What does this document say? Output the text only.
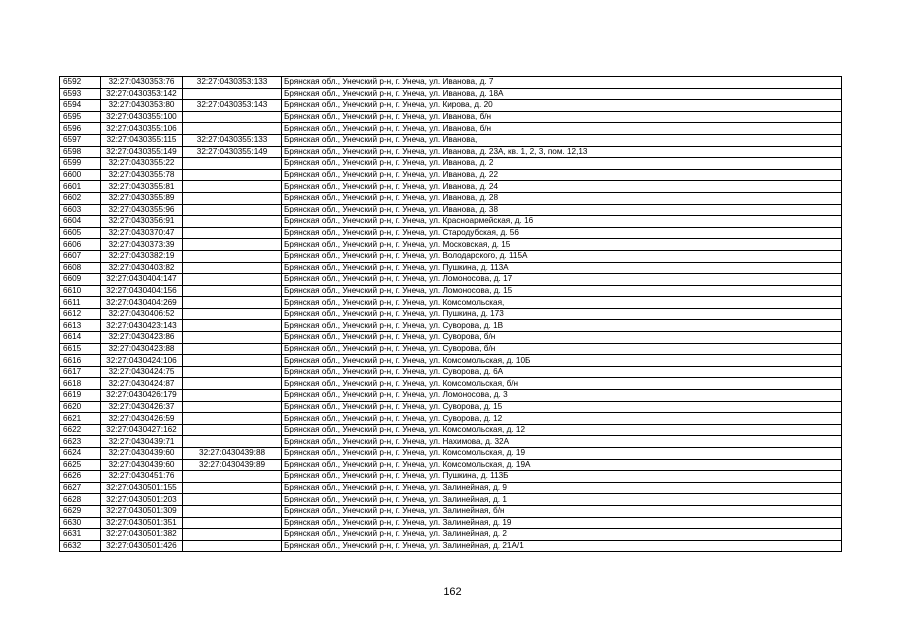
6592	32:27:0430353:76	32:27:0430353:133	Брянская обл., Унечский р-н, г. Унеча, ул. Иванова, д. 7
6593	32:27:0430353:142		Брянская обл., Унечский р-н, г. Унеча, ул. Иванова, д. 18А
6594	32:27:0430353:80	32:27:0430353:143	Брянская обл., Унечский р-н, г. Унеча, ул. Кирова, д. 20
6595	32:27:0430355:100		Брянская обл., Унечский р-н, г. Унеча, ул. Иванова, б/н
6596	32:27:0430355:106		Брянская обл., Унечский р-н, г. Унеча, ул. Иванова, б/н
6597	32:27:0430355:115	32:27:0430355:133	Брянская обл., Унечский р-н, г. Унеча, ул. Иванова,
6598	32:27:0430355:149	32:27:0430355:149	Брянская обл., Унечский р-н, г. Унеча, ул. Иванова, д. 23А, кв. 1, 2, 3, пом. 12,13
6599	32:27:0430355:22		Брянская обл., Унечский р-н, г. Унеча, ул. Иванова, д. 2
6600	32:27:0430355:78		Брянская обл., Унечский р-н, г. Унеча, ул. Иванова, д. 22
6601	32:27:0430355:81		Брянская обл., Унечский р-н, г. Унеча, ул. Иванова, д. 24
6602	32:27:0430355:89		Брянская обл., Унечский р-н, г. Унеча, ул. Иванова, д. 28
6603	32:27:0430355:96		Брянская обл., Унечский р-н, г. Унеча, ул. Иванова, д. 38
6604	32:27:0430356:91		Брянская обл., Унечский р-н, г. Унеча, ул. Красноармейская, д. 16
6605	32:27:0430370:47		Брянская обл., Унечский р-н, г. Унеча, ул. Стародубская, д. 56
6606	32:27:0430373:39		Брянская обл., Унечский р-н, г. Унеча, ул. Московская, д. 15
6607	32:27:0430382:19		Брянская обл., Унечский р-н, г. Унеча, ул. Володарского, д. 115А
6608	32:27:0430403:82		Брянская обл., Унечский р-н, г. Унеча, ул. Пушкина, д. 113А
6609	32:27:0430404:147		Брянская обл., Унечский р-н, г. Унеча, ул. Ломоносова, д. 17
6610	32:27:0430404:156		Брянская обл., Унечский р-н, г. Унеча, ул. Ломоносова, д. 15
6611	32:27:0430404:269		Брянская обл., Унечский р-н, г. Унеча, ул. Комсомольская,
6612	32:27:0430406:52		Брянская обл., Унечский р-н, г. Унеча, ул. Пушкина, д. 173
6613	32:27:0430423:143		Брянская обл., Унечский р-н, г. Унеча, ул. Суворова, д. 1В
6614	32:27:0430423:86		Брянская обл., Унечский р-н, г. Унеча, ул. Суворова, б/н
6615	32:27:0430423:88		Брянская обл., Унечский р-н, г. Унеча, ул. Суворова, б/н
6616	32:27:0430424:106		Брянская обл., Унечский р-н, г. Унеча, ул. Комсомольская, д. 10Б
6617	32:27:0430424:75		Брянская обл., Унечский р-н, г. Унеча, ул. Суворова, д. 6А
6618	32:27:0430424:87		Брянская обл., Унечский р-н, г. Унеча, ул. Комсомольская, б/н
6619	32:27:0430426:179		Брянская обл., Унечский р-н, г. Унеча, ул. Ломоносова, д. 3
6620	32:27:0430426:37		Брянская обл., Унечский р-н, г. Унеча, ул. Суворова, д. 15
6621	32:27:0430426:59		Брянская обл., Унечский р-н, г. Унеча, ул. Суворова, д. 12
6622	32:27:0430427:162		Брянская обл., Унечский р-н, г. Унеча, ул. Комсомольская, д. 12
6623	32:27:0430439:71		Брянская обл., Унечский р-н, г. Унеча, ул. Нахимова, д. 32А
6624	32:27:0430439:60	32:27:0430439:88	Брянская обл., Унечский р-н, г. Унеча, ул. Комсомольская, д. 19
6625	32:27:0430439:60	32:27:0430439:89	Брянская обл., Унечский р-н, г. Унеча, ул. Комсомольская, д. 19А
6626	32:27:0430451:76		Брянская обл., Унечский р-н, г. Унеча, ул. Пушкина, д. 113Б
6627	32:27:0430501:155		Брянская обл., Унечский р-н, г. Унеча, ул. Залинейная, д. 9
6628	32:27:0430501:203		Брянская обл., Унечский р-н, г. Унеча, ул. Залинейная, д. 1
6629	32:27:0430501:309		Брянская обл., Унечский р-н, г. Унеча, ул. Залинейная, б/н
6630	32:27:0430501:351		Брянская обл., Унечский р-н, г. Унеча, ул. Залинейная, д. 19
6631	32:27:0430501:382		Брянская обл., Унечский р-н, г. Унеча, ул. Залинейная, д. 2
6632	32:27:0430501:426		Брянская обл., Унечский р-н, г. Унеча, ул. Залинейная, д. 21А/1
162
